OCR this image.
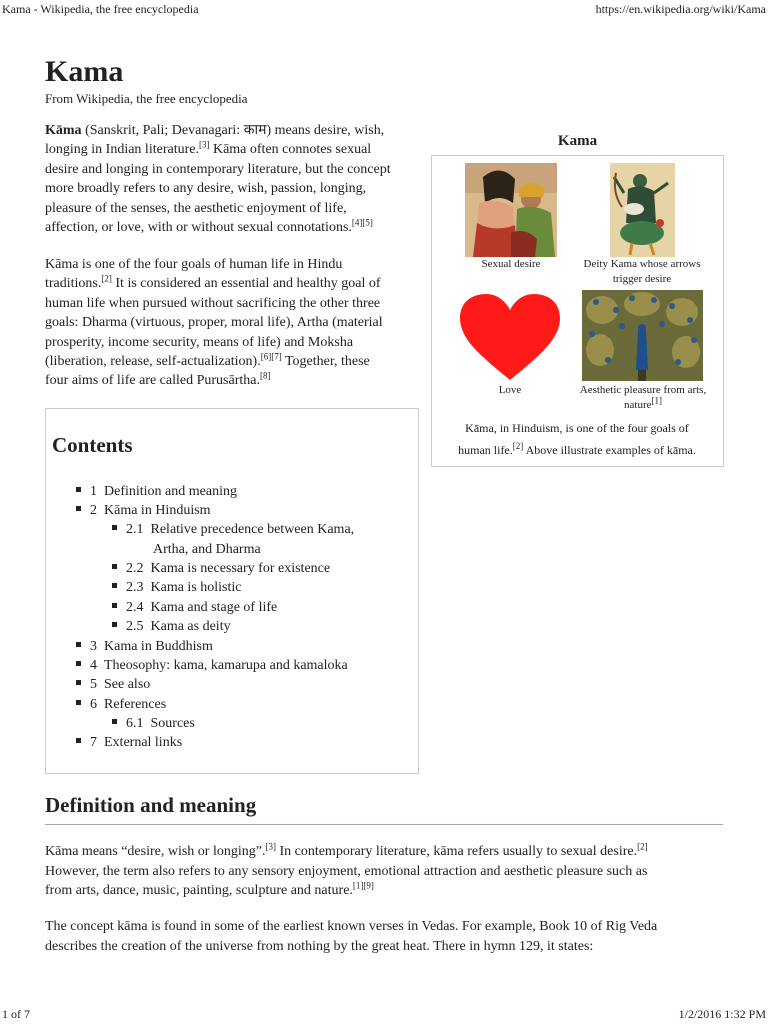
Kama - Wikipedia, the free encyclopedia	https://en.wikipedia.org/wiki/Kama
Kama
From Wikipedia, the free encyclopedia
Kāma (Sanskrit, Pali; Devanagari: काम) means desire, wish,
longing in Indian literature.[3] Kāma often connotes sexual
desire and longing in contemporary literature, but the concept
more broadly refers to any desire, wish, passion, longing,
pleasure of the senses, the aesthetic enjoyment of life,
affection, or love, with or without sexual connotations.[4][5]
Kāma is one of the four goals of human life in Hindu
traditions.[2] It is considered an essential and healthy goal of
human life when pursued without sacrificing the other three
goals: Dharma (virtuous, proper, moral life), Artha (material
prosperity, income security, means of life) and Moksha
(liberation, release, self-actualization).[6][7] Together, these
four aims of life are called Purusārtha.[8]
Kama
Sexual desire	Deity Kama whose arrows trigger desire
Love	Aesthetic pleasure from arts, nature[1]
Kāma, in Hinduism, is one of the four goals of
human life.[2] Above illustrate examples of kāma.
Contents
1 Definition and meaning
2 Kāma in Hinduism
2.1 Relative precedence between Kama,
Artha, and Dharma
2.2 Kama is necessary for existence
2.3 Kama is holistic
2.4 Kama and stage of life
2.5 Kama as deity
3 Kama in Buddhism
4 Theosophy: kama, kamarupa and kamaloka
5 See also
6 References
6.1 Sources
7 External links
Definition and meaning
Kāma means “desire, wish or longing”.[3] In contemporary literature, kāma refers usually to sexual desire.[2]
However, the term also refers to any sensory enjoyment, emotional attraction and aesthetic pleasure such as
from arts, dance, music, painting, sculpture and nature.[1][9]
The concept kāma is found in some of the earliest known verses in Vedas. For example, Book 10 of Rig Veda
describes the creation of the universe from nothing by the great heat. There in hymn 129, it states:
1 of 7	1/2/2016 1:32 PM
